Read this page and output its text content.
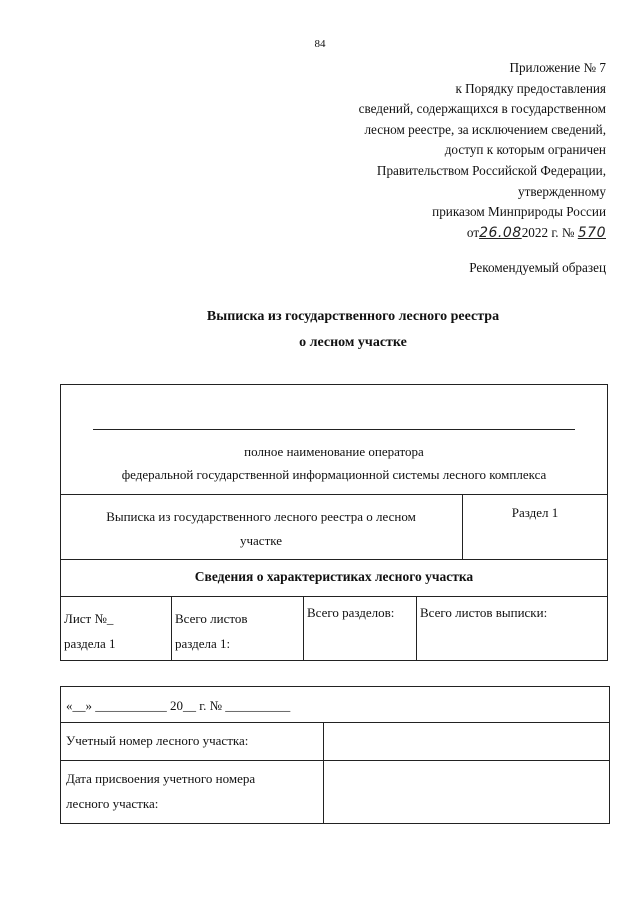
84
Приложение № 7
к Порядку предоставления
сведений, содержащихся в государственном
лесном реестре, за исключением сведений,
доступ к которым ограничен
Правительством Российской Федерации,
утвержденному
приказом Минприроды России
от26.082022 г. № 570
Рекомендуемый образец
Выписка из государственного лесного реестра
о лесном участке
полное наименование оператора
федеральной государственной информационной системы лесного комплекса
Выписка из государственного лесного реестра о лесном
участке
Раздел 1
Сведения о характеристиках лесного участка
Лист №_
раздела 1
Всего листов
раздела 1:
Всего разделов: Всего листов выписки:
«__» ___________ 20__ г. № __________
Учетный номер лесного участка:
Дата присвоения учетного номера
лесного участка:
